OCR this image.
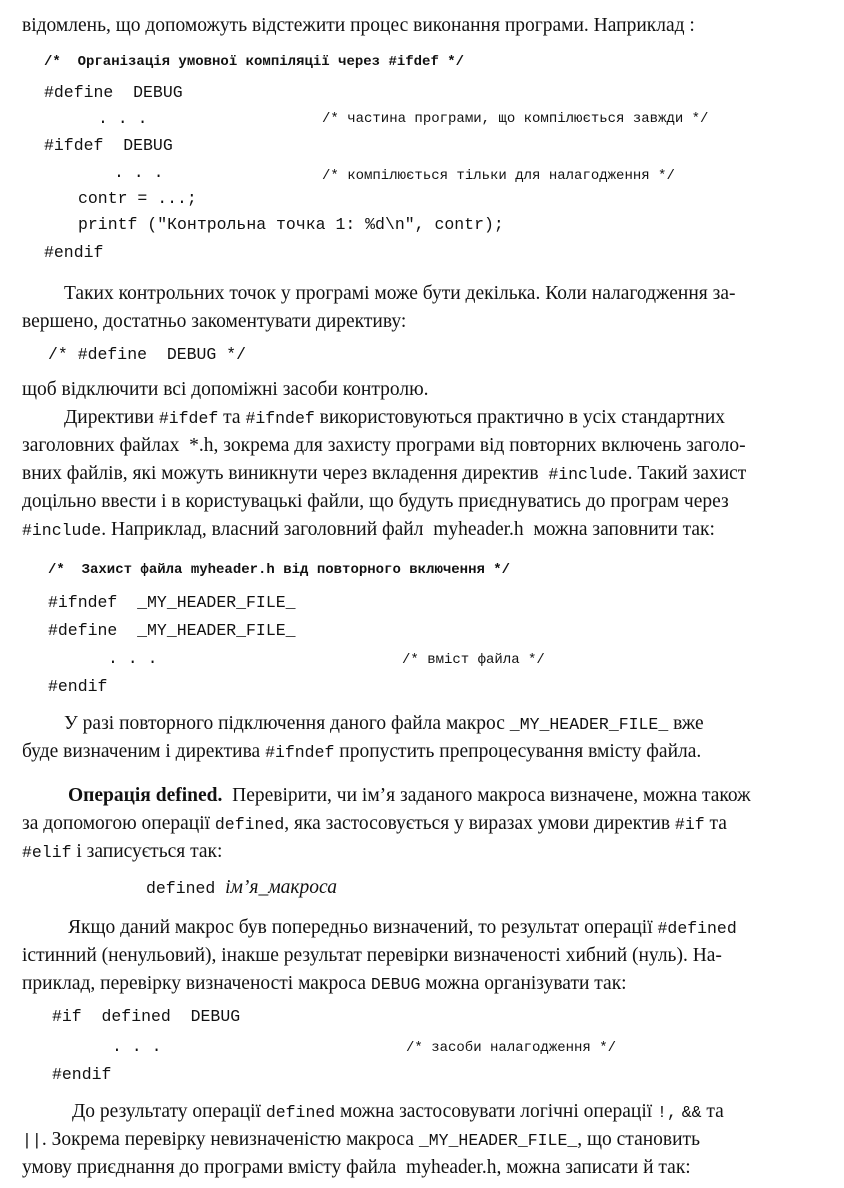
відомлень, що допоможуть відстежити процес виконання програми. Наприклад :
/*  Організація умовної компіляції через #ifdef */
#define  DEBUG
. . .	/* частина програми, що компілюється завжди */
#ifdef  DEBUG
. . .	/* компілюється тільки для налагодження */
contr = ...;
printf ("Контрольна точка 1: %d\n", contr);
#endif
Таких контрольних точок у програмі може бути декілька. Коли налагодження за-
вершено, достатньо закоментувати директиву:
/* #define  DEBUG */
щоб відключити всі допоміжні засоби контролю.
Директиви #ifdef та #ifndef використовуються практично в усіх стандартних
заголовних файлах  *.h, зокрема для захисту програми від повторних включень заголо-
вних файлів, які можуть виникнути через вкладення директив  #include. Такий захист
доцільно ввести і в користувацькі файли, що будуть приєднуватись до програм через
#include. Наприклад, власний заголовний файл  myheader.h  можна заповнити так:
/*  Захист файла myheader.h від повторного включення */
#ifndef  _MY_HEADER_FILE_
#define  _MY_HEADER_FILE_
. . .	/* вміст файла */
#endif
У разі повторного підключення даного файла макрос _MY_HEADER_FILE_ вже
буде визначеним і директива #ifndef пропустить препроцесування вмісту файла.
Операція defined.  Перевірити, чи ім’я заданого макроса визначене, можна також
за допомогою операції defined, яка застосовується у виразах умови директив #if та
#elif і записується так:
defined ім’я_макроса
Якщо даний макрос був попередньо визначений, то результат операції #defined
істинний (ненульовий), інакше результат перевірки визначеності хибний (нуль). На-
приклад, перевірку визначеності макроса DEBUG можна організувати так:
#if  defined  DEBUG
. . .	/* засоби налагодження */
#endif
До результату операції defined можна застосовувати логічні операції !, && та
||. Зокрема перевірку невизначеністю макроса _MY_HEADER_FILE_, що становить
умову приєднання до програми вмісту файла  myheader.h, можна записати й так:
